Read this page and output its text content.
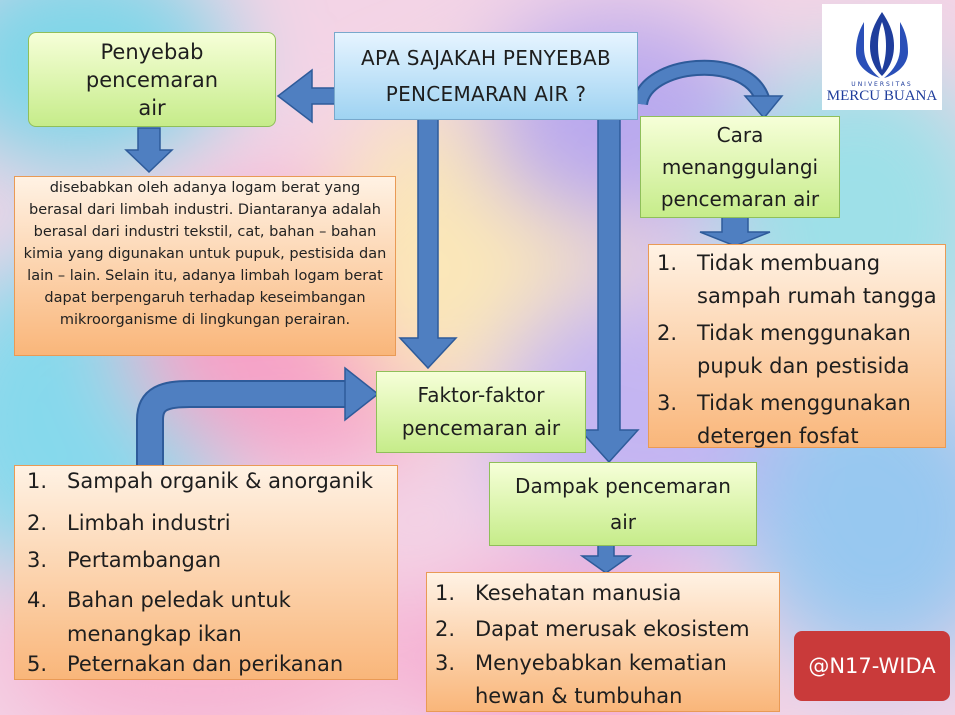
APA SAJAKAH PENYEBAB PENCEMARAN AIR ?
Penyebab pencemaran air
disebabkan oleh adanya logam berat yang berasal dari limbah industri. Diantaranya adalah berasal dari industri tekstil, cat, bahan – bahan kimia yang digunakan untuk pupuk, pestisida dan lain – lain. Selain itu, adanya limbah logam berat dapat berpengaruh terhadap keseimbangan mikroorganisme di lingkungan perairan.
Faktor-faktor pencemaran air
1. Sampah organik & anorganik
2. Limbah industri
3. Pertambangan
4. Bahan peledak untuk menangkap ikan
5. Peternakan dan perikanan
Cara menanggulangi pencemaran air
1. Tidak membuang sampah rumah tangga
2. Tidak menggunakan pupuk dan pestisida
3. Tidak menggunakan detergen fosfat
Dampak pencemaran air
1. Kesehatan manusia
2. Dapat merusak ekosistem
3. Menyebabkan kematian hewan & tumbuhan
UNIVERSITAS
MERCU BUANA
@N17-WIDA
